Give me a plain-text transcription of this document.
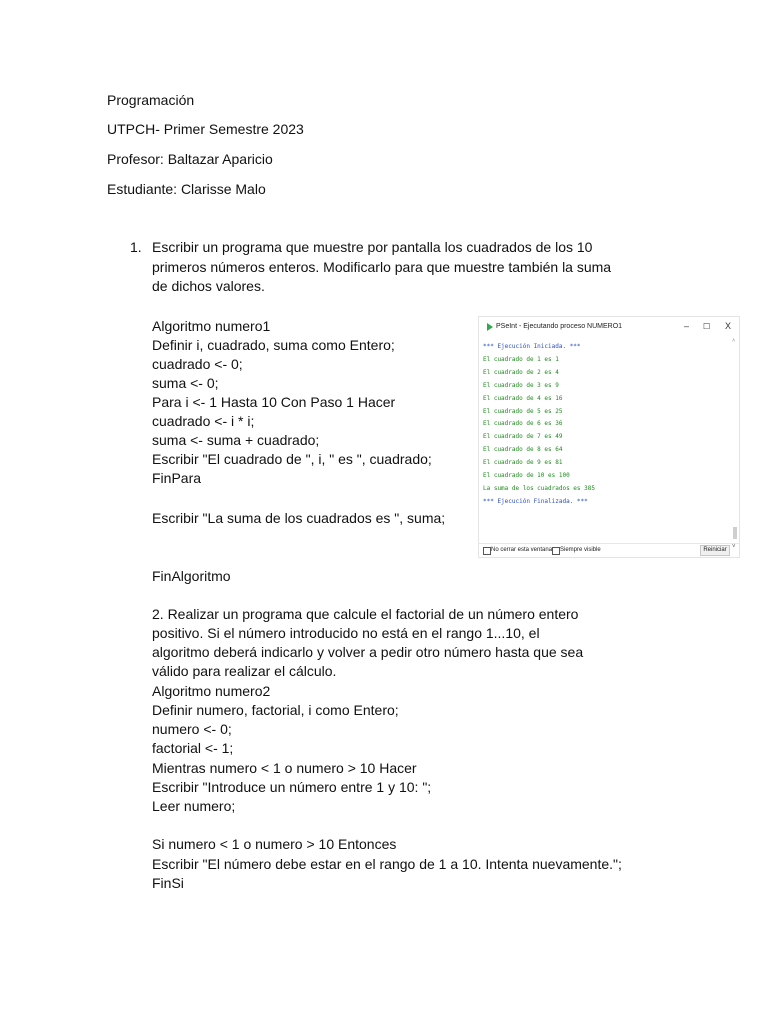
Programación
UTPCH- Primer Semestre 2023
Profesor: Baltazar Aparicio
Estudiante: Clarisse Malo
1. Escribir un programa que muestre por pantalla los cuadrados de los 10
primeros números enteros. Modificarlo para que muestre también la suma
de dichos valores.
Algoritmo numero1
Definir i, cuadrado, suma como Entero;
cuadrado <- 0;
suma <- 0;
Para i <- 1 Hasta 10 Con Paso 1 Hacer
cuadrado <- i * i;
suma <- suma + cuadrado;
Escribir "El cuadrado de ", i, " es ", cuadrado;
FinPara
Escribir "La suma de los cuadrados es ", suma;
FinAlgoritmo
PSeInt - Ejecutando proceso NUMERO1	– ☐ X
*** Ejecución Iniciada. ***
El cuadrado de 1 es 1
El cuadrado de 2 es 4
El cuadrado de 3 es 9
El cuadrado de 4 es 16
El cuadrado de 5 es 25
El cuadrado de 6 es 36
El cuadrado de 7 es 49
El cuadrado de 8 es 64
El cuadrado de 9 es 81
El cuadrado de 10 es 100
La suma de los cuadrados es 385
*** Ejecución Finalizada. ***
˄
No cerrar esta ventana Siempre visible	Reiniciar ˅
2. Realizar un programa que calcule el factorial de un número entero
positivo. Si el número introducido no está en el rango 1...10, el
algoritmo deberá indicarlo y volver a pedir otro número hasta que sea
válido para realizar el cálculo.
Algoritmo numero2
Definir numero, factorial, i como Entero;
numero <- 0;
factorial <- 1;
Mientras numero < 1 o numero > 10 Hacer
Escribir "Introduce un número entre 1 y 10: ";
Leer numero;
Si numero < 1 o numero > 10 Entonces
Escribir "El número debe estar en el rango de 1 a 10. Intenta nuevamente.";
FinSi
